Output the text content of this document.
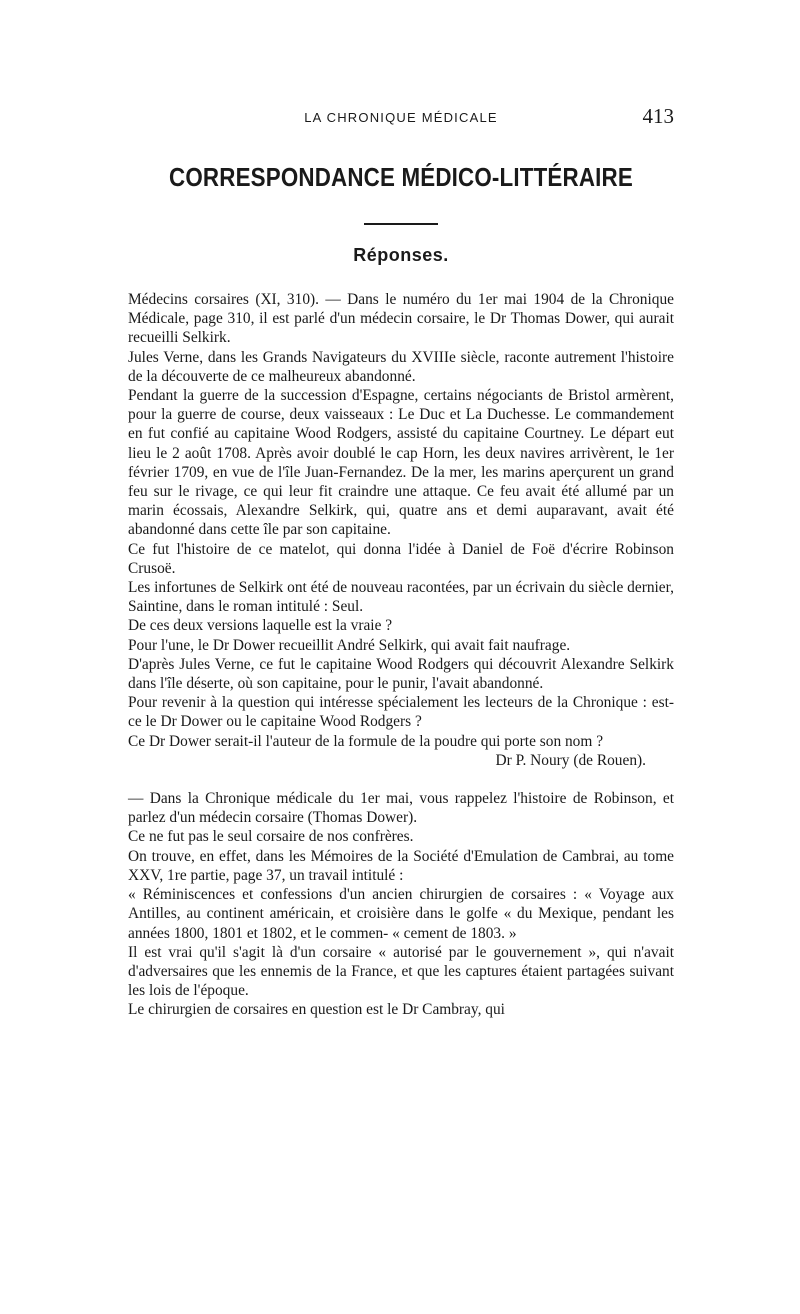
LA CHRONIQUE MÉDICALE	413
CORRESPONDANCE MÉDICO-LITTÉRAIRE
Réponses.

Médecins corsaires (XI, 310). — Dans le numéro du 1er mai 1904 de la Chronique Médicale, page 310, il est parlé d'un médecin corsaire, le Dr Thomas Dower, qui aurait recueilli Selkirk.

Jules Verne, dans les Grands Navigateurs du XVIIIe siècle, raconte autrement l'histoire de la découverte de ce malheureux abandonné.

Pendant la guerre de la succession d'Espagne, certains négociants de Bristol armèrent, pour la guerre de course, deux vaisseaux : Le Duc et La Duchesse. Le commandement en fut confié au capitaine Wood Rodgers, assisté du capitaine Courtney. Le départ eut lieu le 2 août 1708. Après avoir doublé le cap Horn, les deux navires arrivèrent, le 1er février 1709, en vue de l'île Juan-Fernandez. De la mer, les marins aperçurent un grand feu sur le rivage, ce qui leur fit craindre une attaque. Ce feu avait été allumé par un marin écossais, Alexandre Selkirk, qui, quatre ans et demi auparavant, avait été abandonné dans cette île par son capitaine.

Ce fut l'histoire de ce matelot, qui donna l'idée à Daniel de Foë d'écrire Robinson Crusoë.

Les infortunes de Selkirk ont été de nouveau racontées, par un écrivain du siècle dernier, Saintine, dans le roman intitulé : Seul.

De ces deux versions laquelle est la vraie ?

Pour l'une, le Dr Dower recueillit André Selkirk, qui avait fait naufrage.

D'après Jules Verne, ce fut le capitaine Wood Rodgers qui découvrit Alexandre Selkirk dans l'île déserte, où son capitaine, pour le punir, l'avait abandonné.

Pour revenir à la question qui intéresse spécialement les lecteurs de la Chronique : est-ce le Dr Dower ou le capitaine Wood Rodgers ?

Ce Dr Dower serait-il l'auteur de la formule de la poudre qui porte son nom ?

Dr P. Noury (de Rouen).

— Dans la Chronique médicale du 1er mai, vous rappelez l'histoire de Robinson, et parlez d'un médecin corsaire (Thomas Dower).

Ce ne fut pas le seul corsaire de nos confrères.

On trouve, en effet, dans les Mémoires de la Société d'Emulation de Cambrai, au tome XXV, 1re partie, page 37, un travail intitulé :

« Réminiscences et confessions d'un ancien chirurgien de corsaires : « Voyage aux Antilles, au continent américain, et croisière dans le golfe « du Mexique, pendant les années 1800, 1801 et 1802, et le commen- « cement de 1803. »

Il est vrai qu'il s'agit là d'un corsaire « autorisé par le gouvernement », qui n'avait d'adversaires que les ennemis de la France, et que les captures étaient partagées suivant les lois de l'époque.

Le chirurgien de corsaires en question est le Dr Cambray, qui
